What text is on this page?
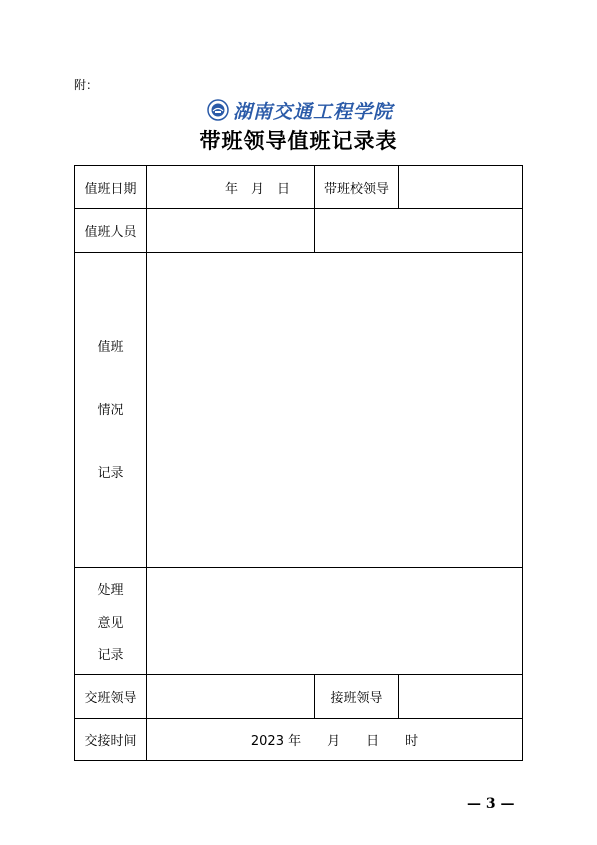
附：
湖南交通工程学院
带班领导值班记录表
值班日期	年　月　日	带班校领导
值班人员
值班
情况
记录
处理
意见
记录
交班领导	接班领导
交接时间	2023 年　　月　　日　　时
— 3 —
